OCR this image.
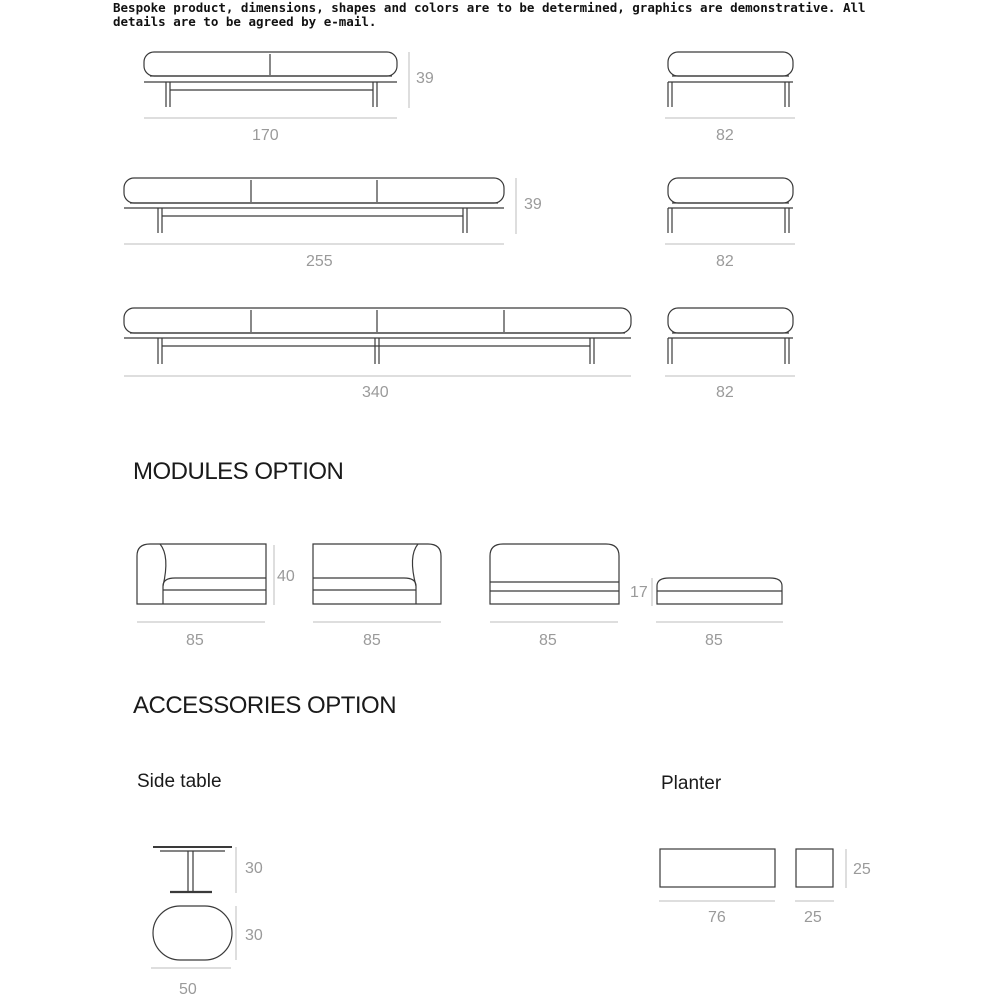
Bespoke product, dimensions, shapes and colors are to be determined, graphics are demonstrative. All details are to be agreed by e-mail.
170
39
82
255
39
82
340	82
40
85	85	85
17
85
30
30
50
76
25
25
MODULES OPTION
ACCESSORIES OPTION
Side table	Planter
